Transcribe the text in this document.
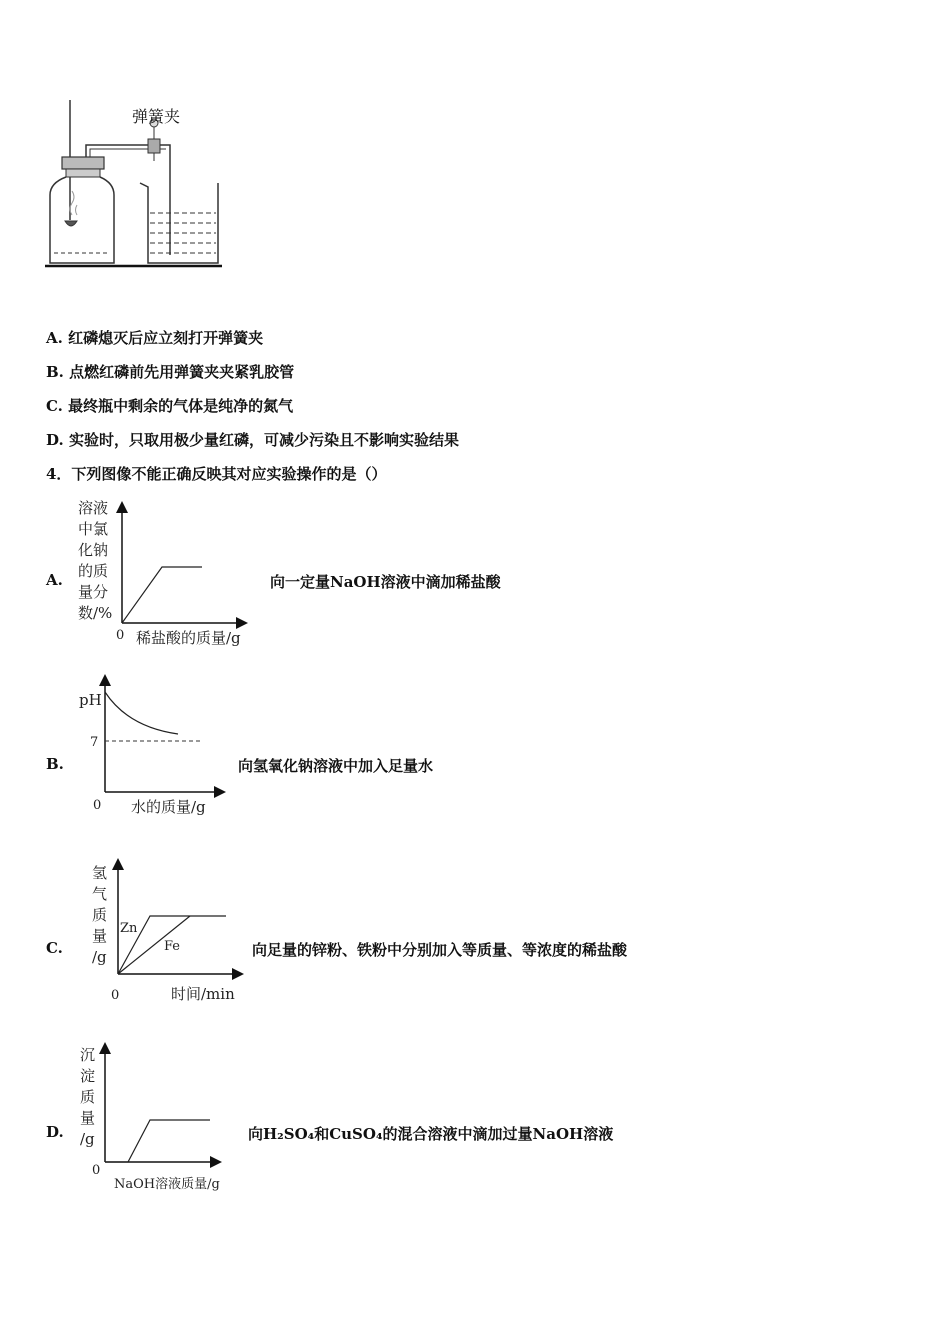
弹簧夹
A. 红磷熄灭后应立刻打开弹簧夹
B. 点燃红磷前先用弹簧夹夹紧乳胶管
C. 最终瓶中剩余的气体是纯净的氮气
D. 实验时，只取用极少量红磷，可减少污染且不影响实验结果
4．下列图像不能正确反映其对应实验操作的是（）
A.
溶液
中氯
化钠
的质
量分
数/%
0 稀盐酸的质量/g
向一定量NaOH溶液中滴加稀盐酸
B.
pH
7
0 水的质量/g
向氢氧化钠溶液中加入足量水
C.
氢
气
质
量
/g
Zn
Fe
0	时间/min
向足量的锌粉、铁粉中分别加入等质量、等浓度的稀盐酸
D.
沉
淀
质
量
/g
0
NaOH溶液质量/g
向H₂SO₄和CuSO₄的混合溶液中滴加过量NaOH溶液
